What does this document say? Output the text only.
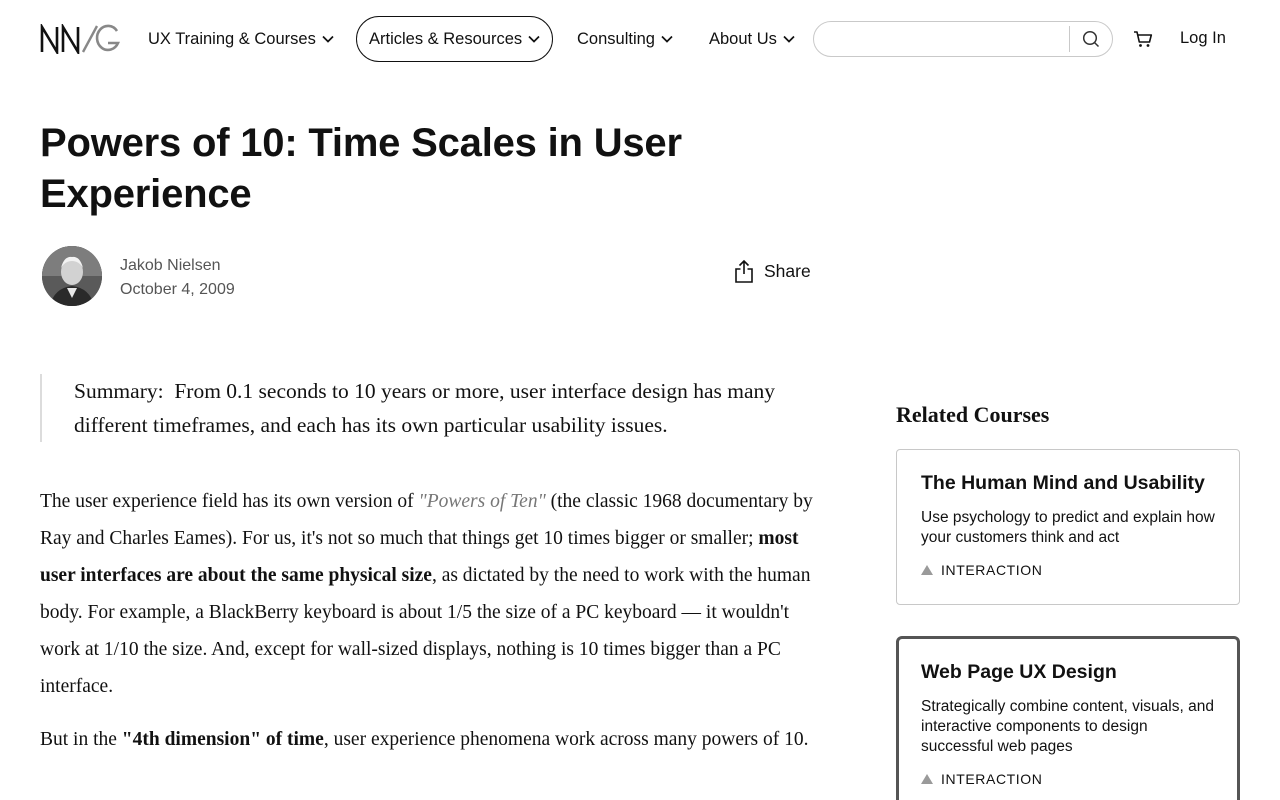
UX Training & Courses	Articles & Resources	Consulting	About Us	Log In
Powers of 10: Time Scales in User Experience
Jakob Nielsen
October 4, 2009
Share
Summary: From 0.1 seconds to 10 years or more, user interface design has many different timeframes, and each has its own particular usability issues.

The user experience field has its own version of "Powers of Ten" (the classic 1968 documentary by Ray and Charles Eames). For us, it's not so much that things get 10 times bigger or smaller; most user interfaces are about the same physical size, as dictated by the need to work with the human body. For example, a BlackBerry keyboard is about 1/5 the size of a PC keyboard — it wouldn't work at 1/10 the size. And, except for wall-sized displays, nothing is 10 times bigger than a PC interface.

But in the "4th dimension" of time, user experience phenomena work across many powers of 10.

Related Courses
The Human Mind and Usability
Use psychology to predict and explain how your customers think and act
INTERACTION
Web Page UX Design
Strategically combine content, visuals, and interactive components to design successful web pages
INTERACTION
